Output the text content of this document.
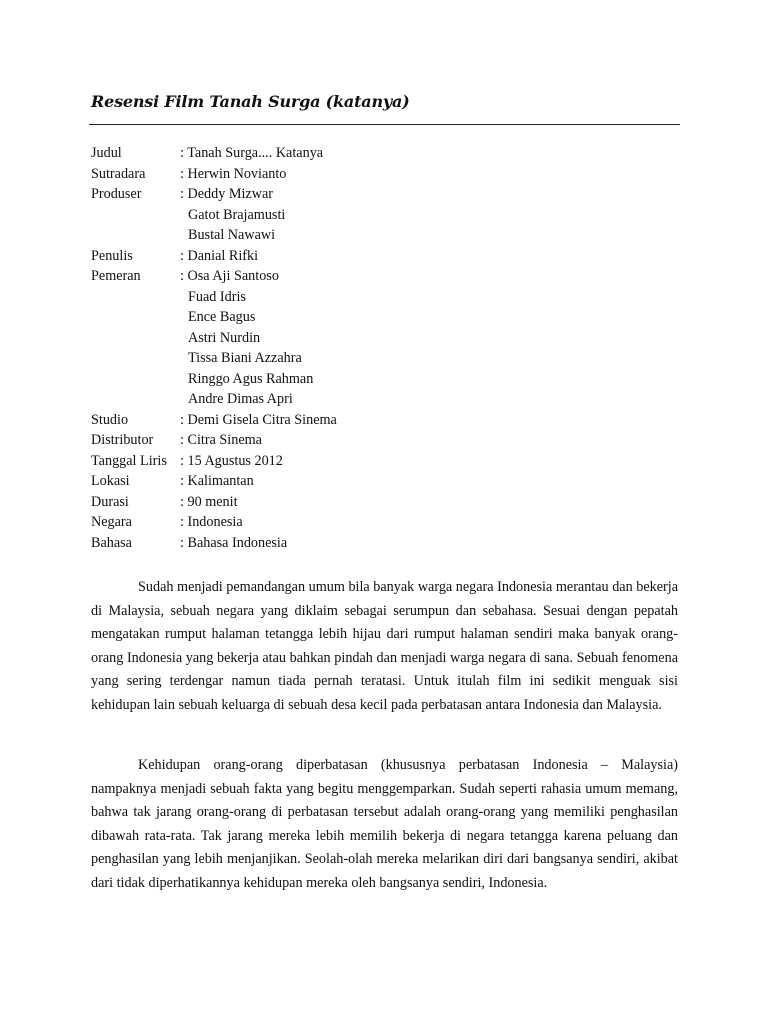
Resensi Film Tanah Surga (katanya)
Judul	: Tanah Surga.... Katanya
Sutradara	: Herwin Novianto
Produser	: Deddy Mizwar
Gatot Brajamusti
Bustal Nawawi
Penulis	: Danial Rifki
Pemeran	: Osa Aji Santoso
Fuad Idris
Ence Bagus
Astri Nurdin
Tissa Biani Azzahra
Ringgo Agus Rahman
Andre Dimas Apri
Studio	: Demi Gisela Citra Sinema
Distributor	: Citra Sinema
Tanggal Liris : 15 Agustus 2012
Lokasi	: Kalimantan
Durasi	: 90 menit
Negara	: Indonesia
Bahasa	: Bahasa Indonesia

Sudah menjadi pemandangan umum bila banyak warga negara Indonesia merantau dan bekerja di Malaysia, sebuah negara yang diklaim sebagai serumpun dan sebahasa. Sesuai dengan pepatah mengatakan rumput halaman tetangga lebih hijau dari rumput halaman sendiri maka banyak orang-orang Indonesia yang bekerja atau bahkan pindah dan menjadi warga negara di sana. Sebuah fenomena yang sering terdengar namun tiada pernah teratasi. Untuk itulah film ini sedikit menguak sisi kehidupan lain sebuah keluarga di sebuah desa kecil pada perbatasan antara Indonesia dan Malaysia.

Kehidupan orang-orang diperbatasan (khususnya perbatasan Indonesia – Malaysia) nampaknya menjadi sebuah fakta yang begitu menggemparkan. Sudah seperti rahasia umum memang, bahwa tak jarang orang-orang di perbatasan tersebut adalah orang-orang yang memiliki penghasilan dibawah rata-rata. Tak jarang mereka lebih memilih bekerja di negara tetangga karena peluang dan penghasilan yang lebih menjanjikan. Seolah-olah mereka melarikan diri dari bangsanya sendiri, akibat dari tidak diperhatikannya kehidupan mereka oleh bangsanya sendiri, Indonesia.
